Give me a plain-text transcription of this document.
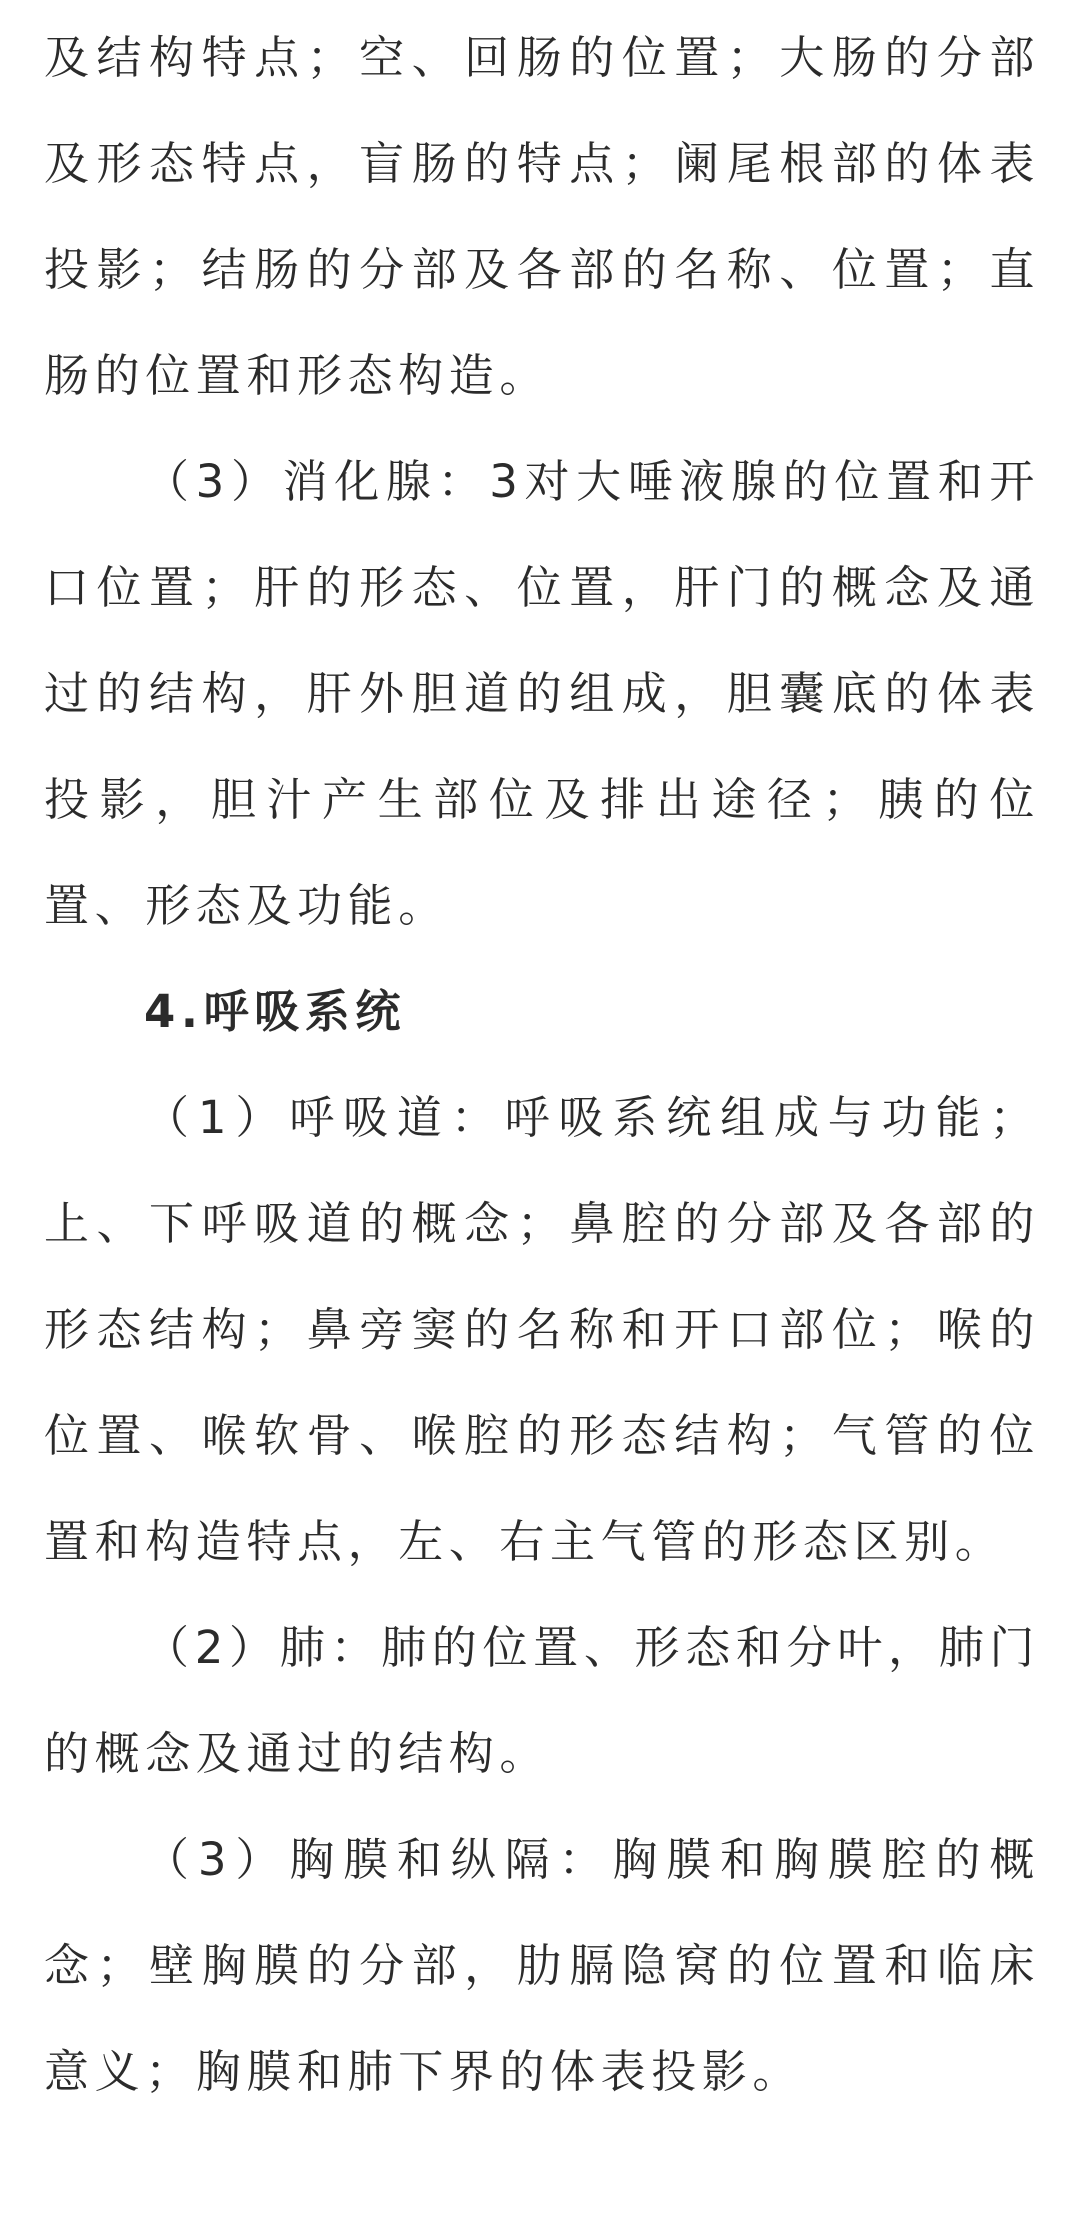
及结构特点；空、回肠的位置；大肠的分部及形态特点，盲肠的特点；阑尾根部的体表投影；结肠的分部及各部的名称、位置；直肠的位置和形态构造。

（3）消化腺：3对大唾液腺的位置和开口位置；肝的形态、位置，肝门的概念及通过的结构，肝外胆道的组成，胆囊底的体表投影，胆汁产生部位及排出途径；胰的位置、形态及功能。

4.呼吸系统

（1）呼吸道：呼吸系统组成与功能；上、下呼吸道的概念；鼻腔的分部及各部的形态结构；鼻旁窦的名称和开口部位；喉的位置、喉软骨、喉腔的形态结构；气管的位置和构造特点，左、右主气管的形态区别。

（2）肺：肺的位置、形态和分叶，肺门的概念及通过的结构。

（3）胸膜和纵隔：胸膜和胸膜腔的概念；壁胸膜的分部，肋膈隐窝的位置和临床意义；胸膜和肺下界的体表投影。
